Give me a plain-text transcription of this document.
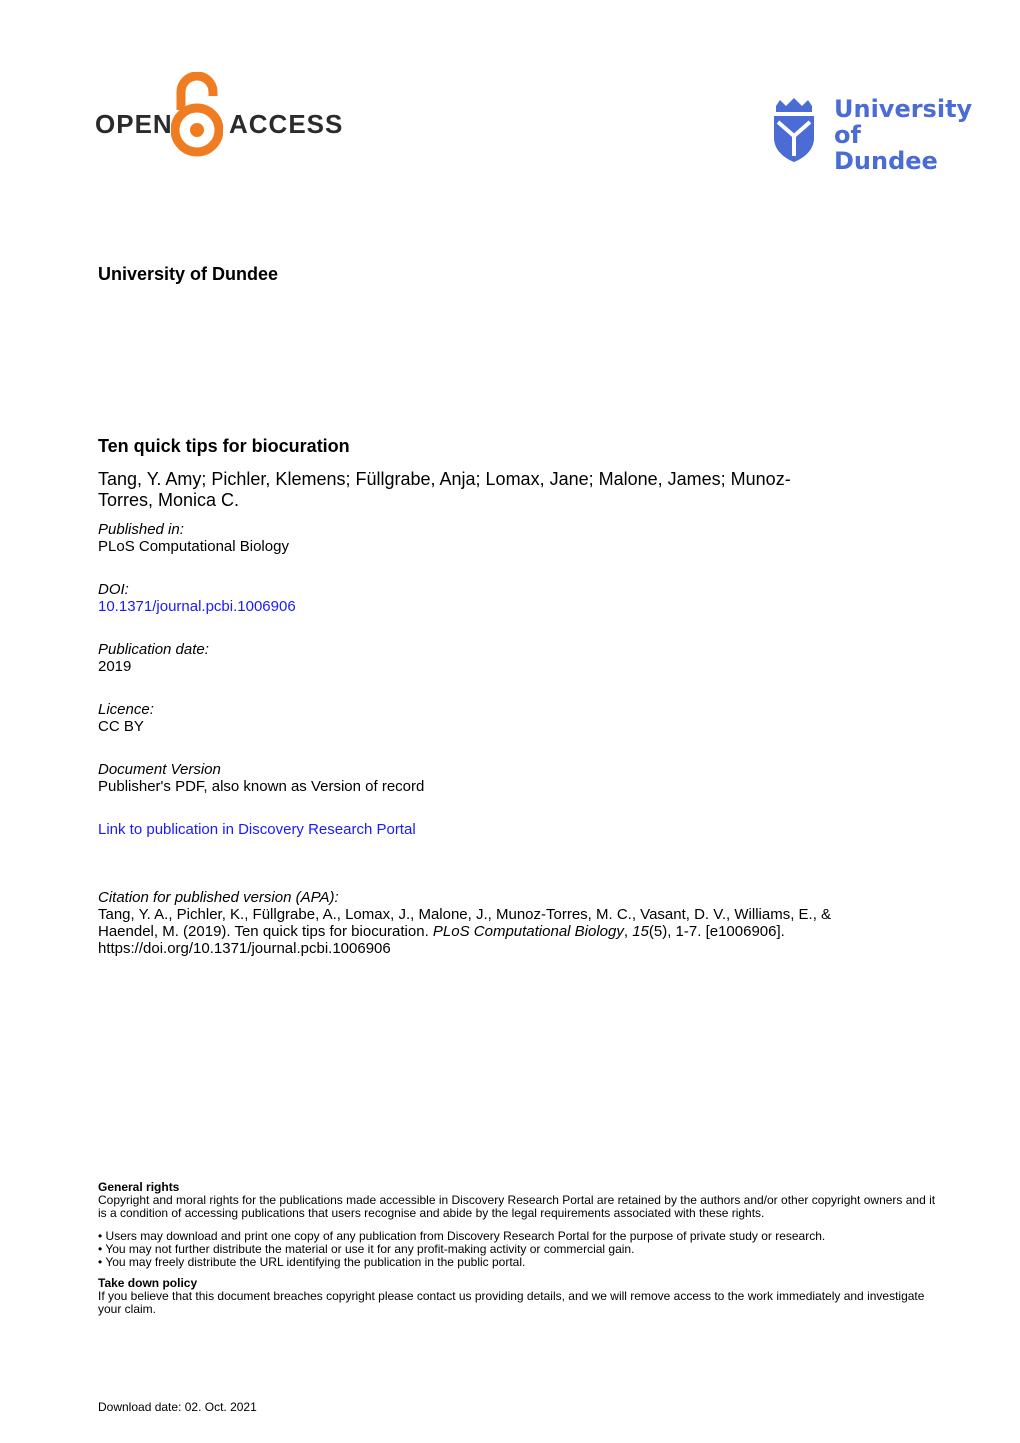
OPEN ACCESS	University
of Dundee
University of Dundee
Ten quick tips for biocuration
Tang, Y. Amy; Pichler, Klemens; Füllgrabe, Anja; Lomax, Jane; Malone, James; Munoz-
Torres, Monica C.
Published in:
PLoS Computational Biology
DOI:
10.1371/journal.pcbi.1006906
Publication date:
2019
Licence:
CC BY
Document Version
Publisher's PDF, also known as Version of record
Link to publication in Discovery Research Portal
Citation for published version (APA):
Tang, Y. A., Pichler, K., Füllgrabe, A., Lomax, J., Malone, J., Munoz-Torres, M. C., Vasant, D. V., Williams, E., &
Haendel, M. (2019). Ten quick tips for biocuration. PLoS Computational Biology, 15(5), 1-7. [e1006906].
https://doi.org/10.1371/journal.pcbi.1006906
General rights
Copyright and moral rights for the publications made accessible in Discovery Research Portal are retained by the authors and/or other copyright owners and it is a condition of accessing publications that users recognise and abide by the legal requirements associated with these rights.
• Users may download and print one copy of any publication from Discovery Research Portal for the purpose of private study or research.
• You may not further distribute the material or use it for any profit-making activity or commercial gain.
• You may freely distribute the URL identifying the publication in the public portal.
Take down policy
If you believe that this document breaches copyright please contact us providing details, and we will remove access to the work immediately and investigate your claim.
Download date: 02. Oct. 2021
